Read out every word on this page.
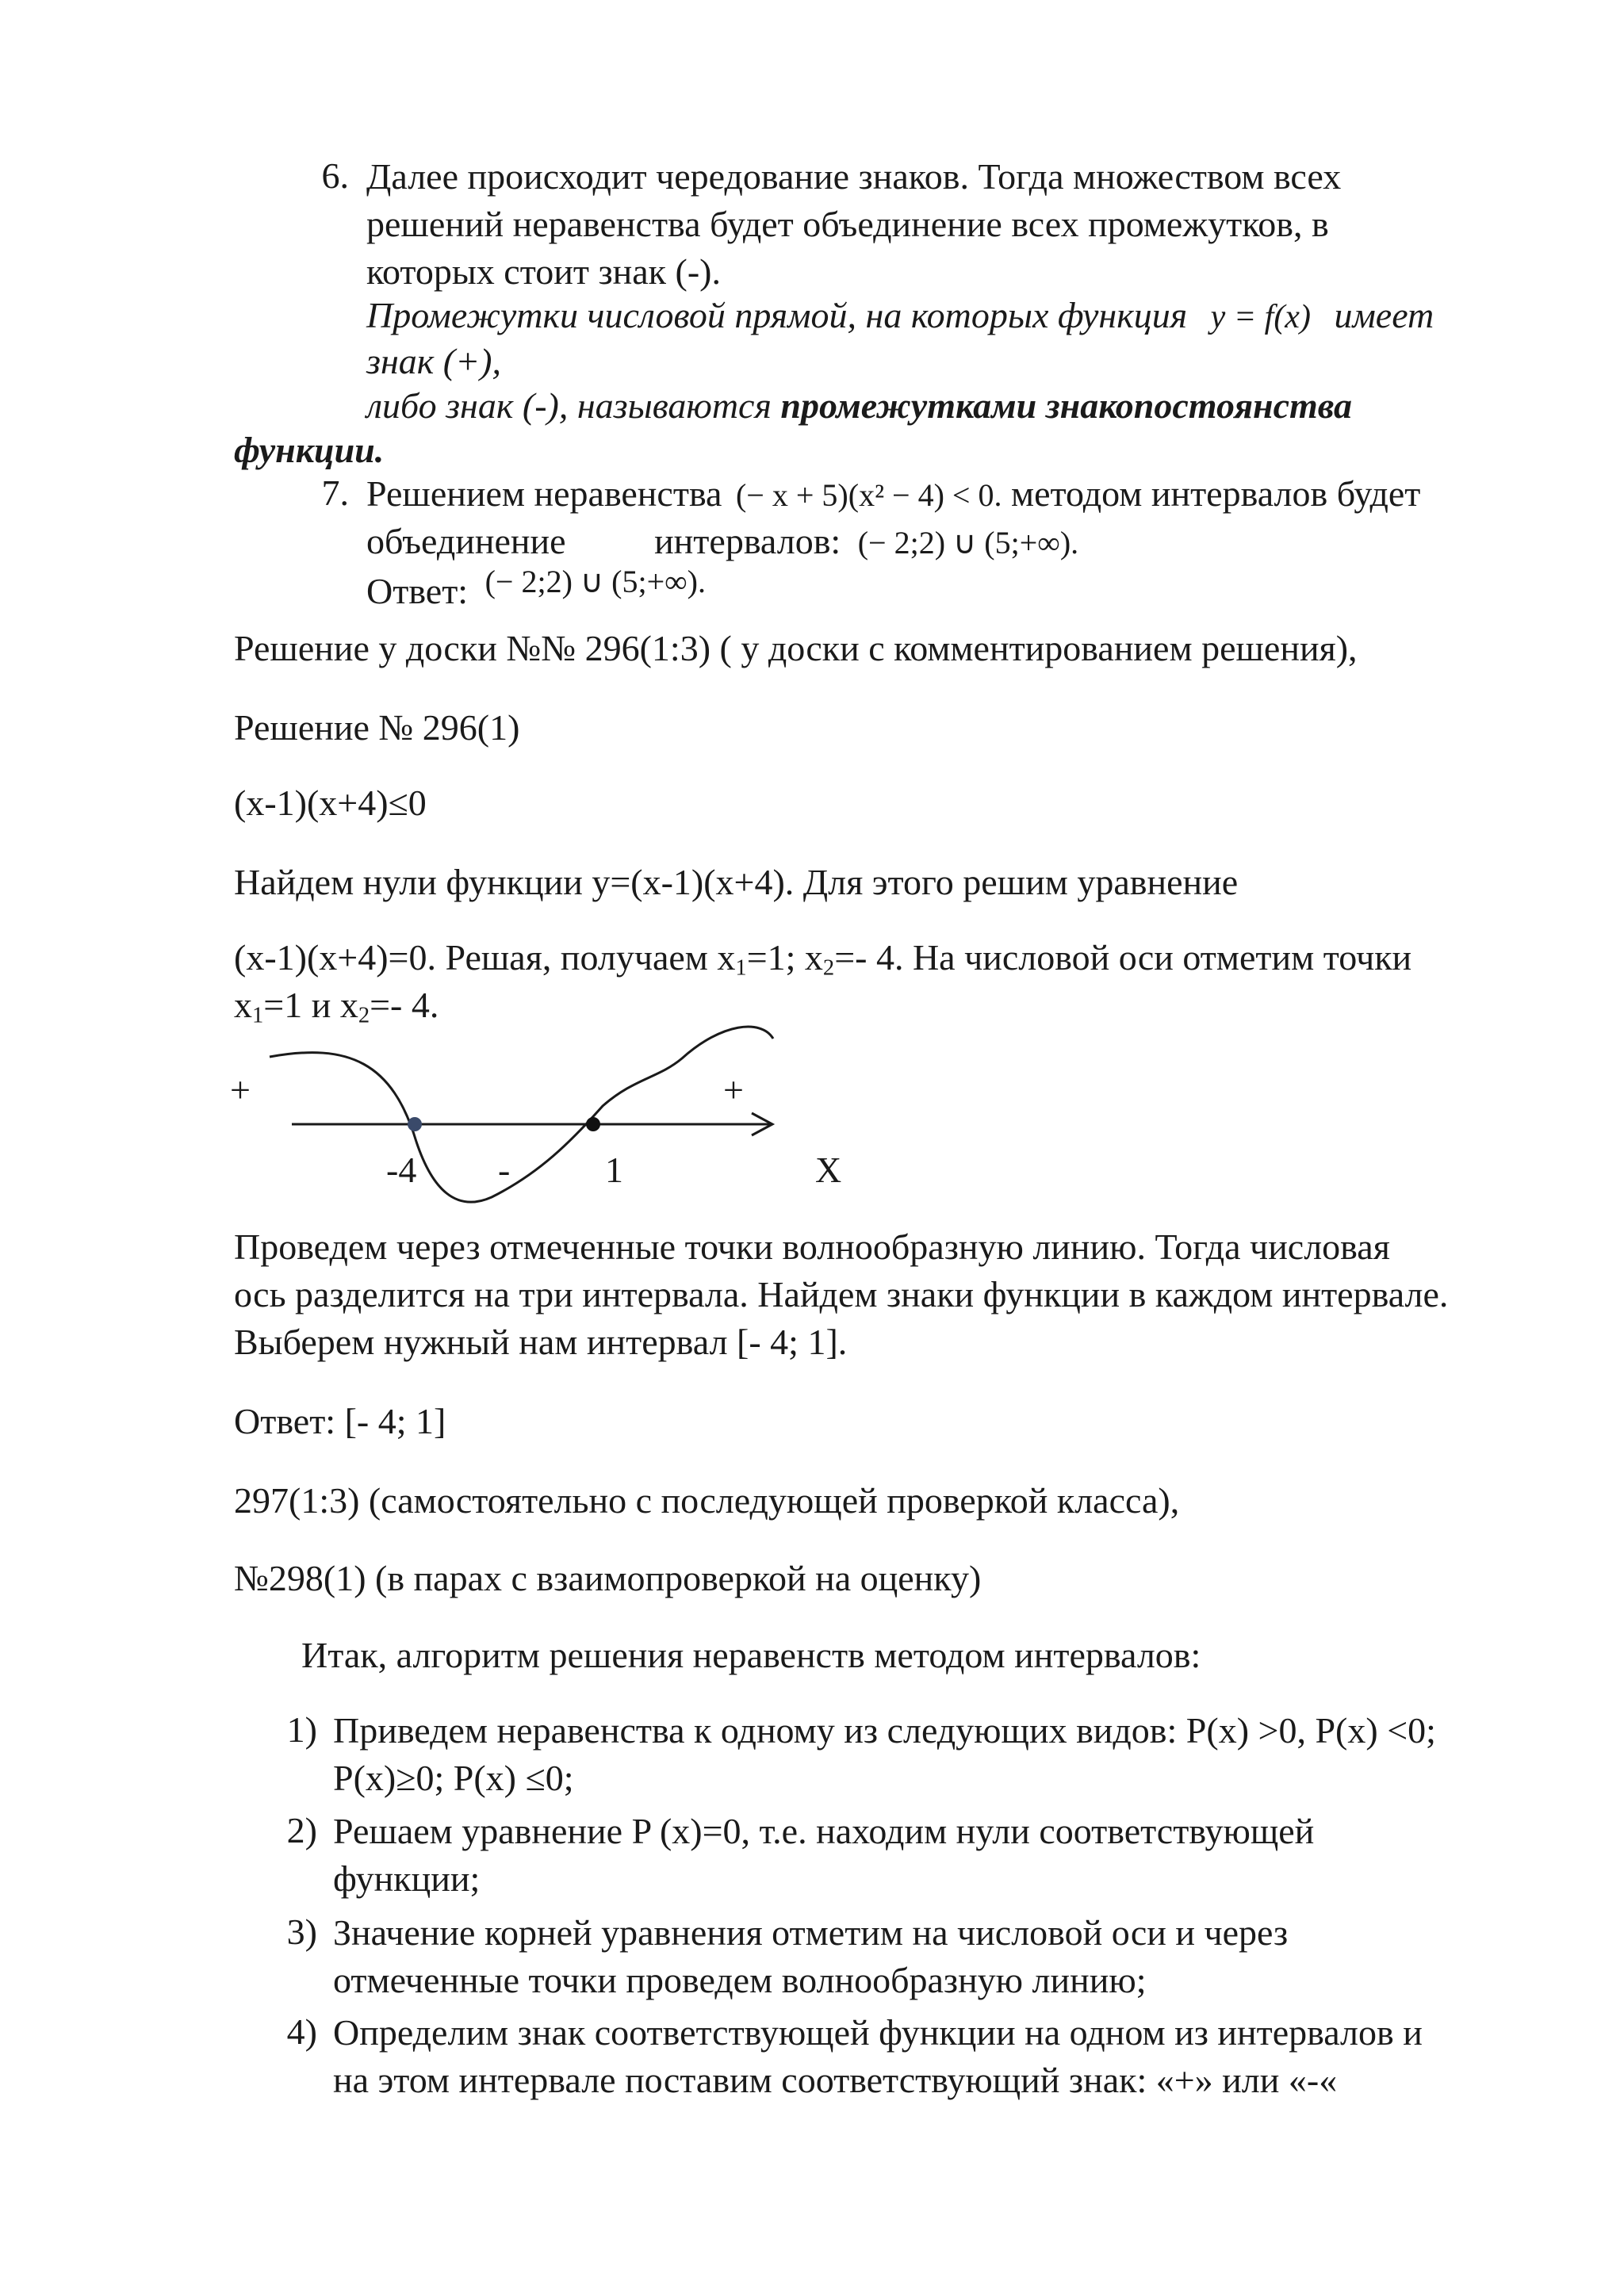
6. Далее происходит чередование знаков. Тогда множеством всех
решений неравенства будет объединение всех промежутков, в
которых стоит знак (-).
Промежутки числовой прямой, на которых функция y = f(x) имеет
знак (+),
либо знак (-), называются промежутками знакопостоянства
функции.
7. Решением неравенства (− x + 5)(x² − 4) < 0. методом интервалов будет
объединение интервалов: (− 2;2) ∪ (5;+∞).
Ответ: (− 2;2) ∪ (5;+∞).
Решение у доски №№ 296(1:3) ( у доски с комментированием решения),
Решение № 296(1)
(x-1)(x+4)≤0
Найдем нули функции у=(х-1)(х+4). Для этого решим уравнение
(х-1)(х+4)=0. Решая, получаем $х_1=1$; $х_2=-$ 4. На числовой оси отметим точки
$х_1=1$ и $х_2=-$ 4.
+	+
-
-4	1	X
Проведем через отмеченные точки волнообразную линию. Тогда числовая
ось разделится на три интервала. Найдем знаки функции в каждом интервале.
Выберем нужный нам интервал [- 4; 1].
Ответ: [- 4; 1]
297(1:3) (самостоятельно с последующей проверкой класса),
№298(1) (в парах с взаимопроверкой на оценку)
Итак, алгоритм решения неравенств методом интервалов:
1) Приведем неравенства к одному из следующих видов: P(x) >0, P(x) <0;
P(x)≥0; P(x) ≤0;
2) Решаем уравнение P (x)=0, т.е. находим нули соответствующей
функции;
3) Значение корней уравнения отметим на числовой оси и через
отмеченные точки проведем волнообразную линию;
4) Определим знак соответствующей функции на одном из интервалов и
на этом интервале поставим соответствующий знак: «+» или «-«
